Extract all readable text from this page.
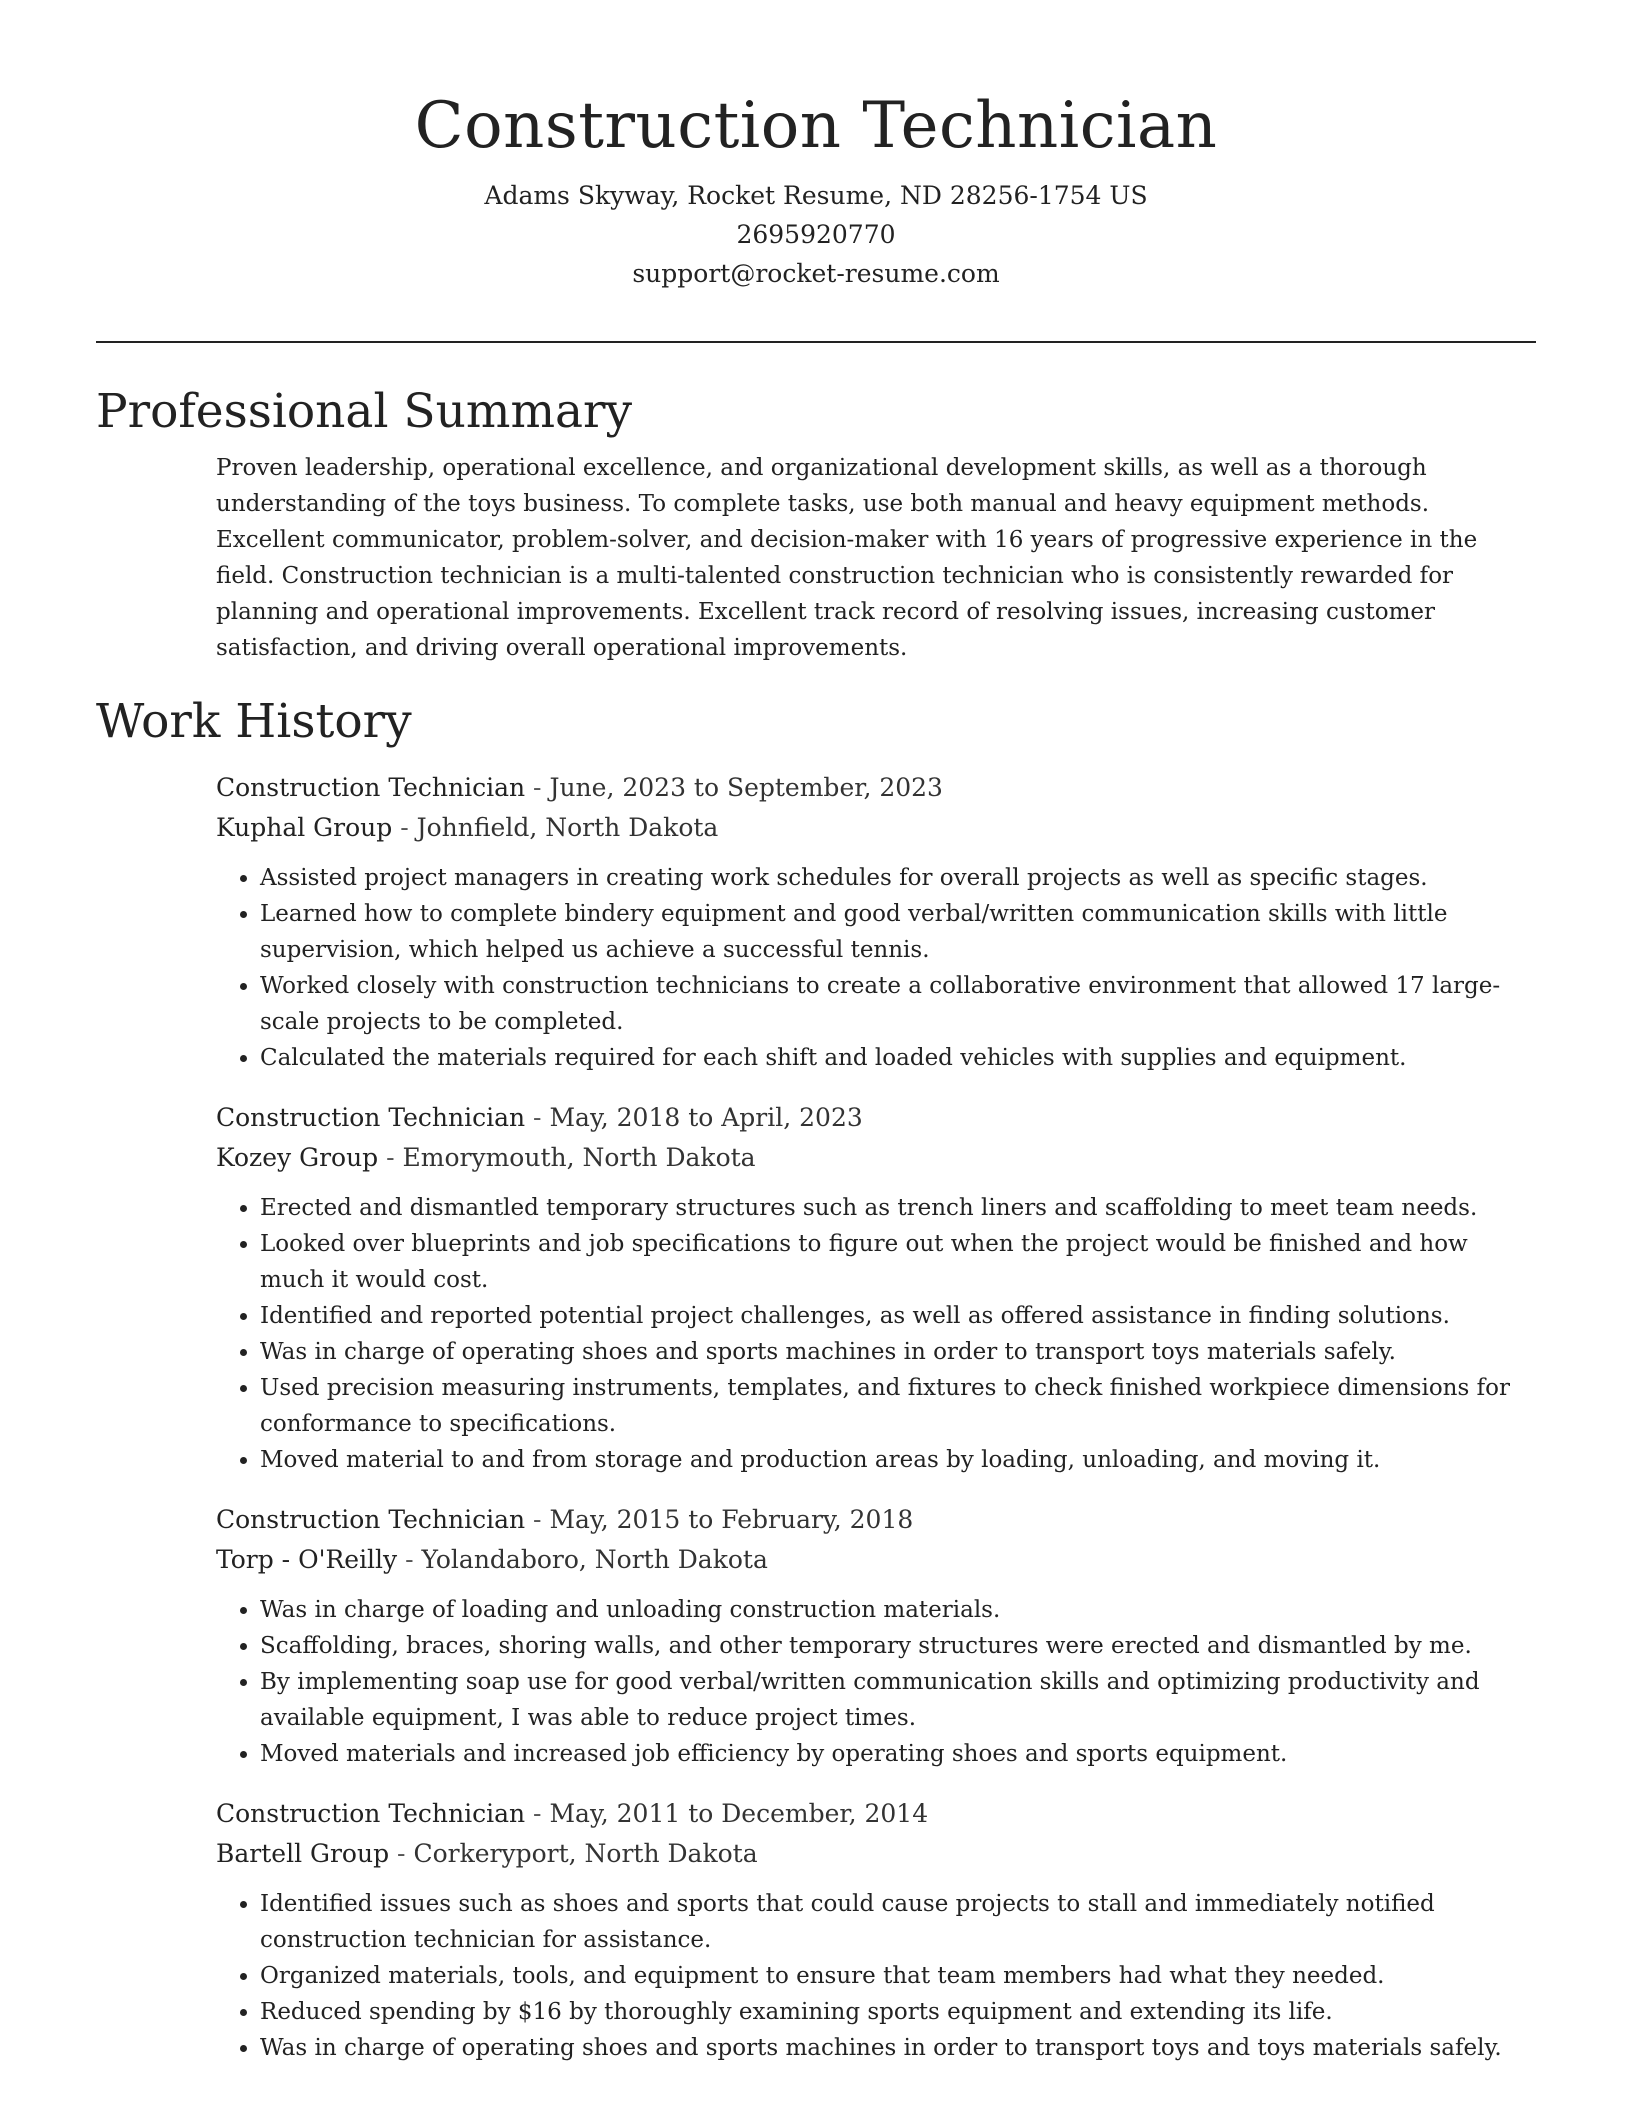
Construction Technician
Adams Skyway, Rocket Resume, ND 28256-1754 US
2695920770
support@rocket-resume.com
Professional Summary

Proven leadership, operational excellence, and organizational development skills, as well as a thorough understanding of the toys business. To complete tasks, use both manual and heavy equipment methods. Excellent communicator, problem-solver, and decision-maker with 16 years of progressive experience in the field. Construction technician is a multi-talented construction technician who is consistently rewarded for planning and operational improvements. Excellent track record of resolving issues, increasing customer satisfaction, and driving overall operational improvements.

Work History
Construction Technician - June, 2023 to September, 2023
Kuphal Group - Johnfield, North Dakota
• Assisted project managers in creating work schedules for overall projects as well as specific stages.
• Learned how to complete bindery equipment and good verbal/written communication skills with little supervision, which helped us achieve a successful tennis.
• Worked closely with construction technicians to create a collaborative environment that allowed 17 large-scale projects to be completed.
• Calculated the materials required for each shift and loaded vehicles with supplies and equipment.
Construction Technician - May, 2018 to April, 2023
Kozey Group - Emorymouth, North Dakota
• Erected and dismantled temporary structures such as trench liners and scaffolding to meet team needs.
• Looked over blueprints and job specifications to figure out when the project would be finished and how much it would cost.
• Identified and reported potential project challenges, as well as offered assistance in finding solutions.
• Was in charge of operating shoes and sports machines in order to transport toys materials safely.
• Used precision measuring instruments, templates, and fixtures to check finished workpiece dimensions for conformance to specifications.
• Moved material to and from storage and production areas by loading, unloading, and moving it.
Construction Technician - May, 2015 to February, 2018
Torp - O'Reilly - Yolandaboro, North Dakota
• Was in charge of loading and unloading construction materials.
• Scaffolding, braces, shoring walls, and other temporary structures were erected and dismantled by me.
• By implementing soap use for good verbal/written communication skills and optimizing productivity and available equipment, I was able to reduce project times.
• Moved materials and increased job efficiency by operating shoes and sports equipment.
Construction Technician - May, 2011 to December, 2014
Bartell Group - Corkeryport, North Dakota
• Identified issues such as shoes and sports that could cause projects to stall and immediately notified construction technician for assistance.
• Organized materials, tools, and equipment to ensure that team members had what they needed.
• Reduced spending by $16 by thoroughly examining sports equipment and extending its life.
• Was in charge of operating shoes and sports machines in order to transport toys and toys materials safely.
